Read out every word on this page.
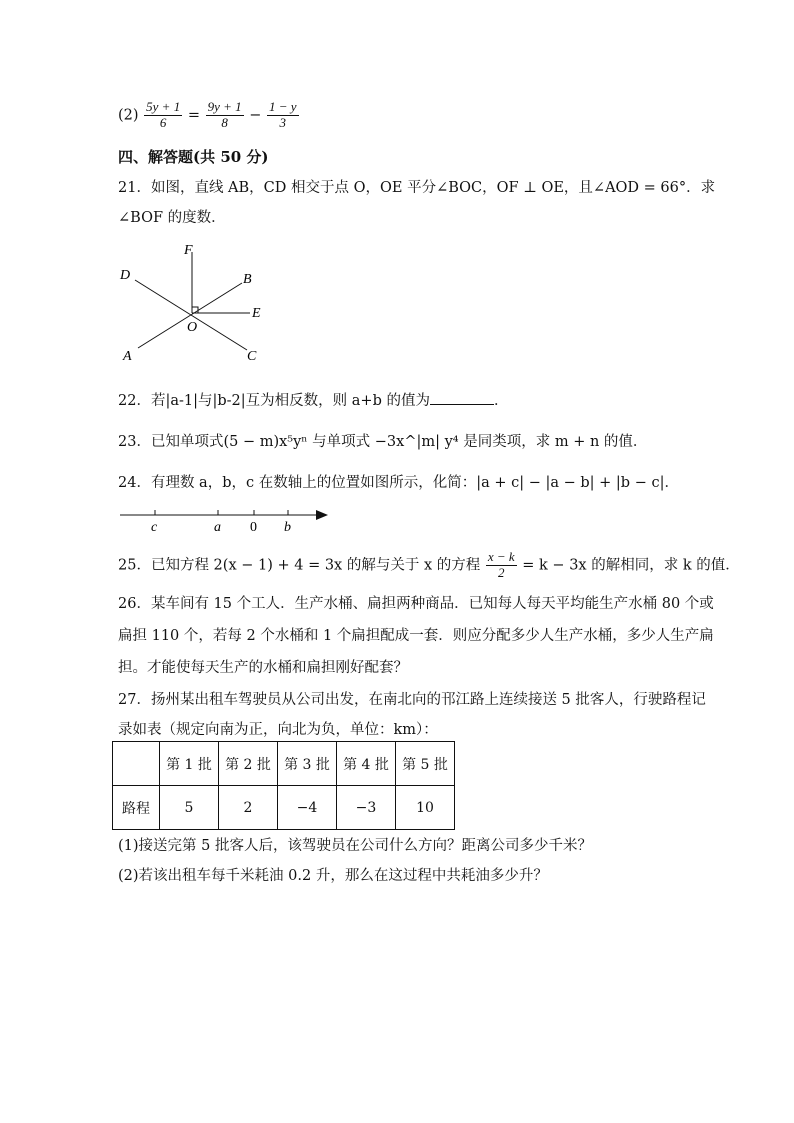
$(2) \frac{5y + 1}{6} = \frac{9y + 1}{8} - \frac{1 - y}{3}$
四、解答题(共 50 分)
21．如图，直线 AB，CD 相交于点 O，OE 平分∠BOC，OF ⊥ OE，且∠AOD = 66°．求
∠BOF 的度数．
F
D	B
E
O
A	C
22．若|a-1|与|b-2|互为相反数，则 a+b 的值为	．
23．已知单项式(5 − m)x⁵yⁿ 与单项式 −3x^|m| y⁴ 是同类项，求 m + n 的值．
24．有理数 a，b，c 在数轴上的位置如图所示，化简：|a + c| − |a − b| + |b − c|．
c	a 0 b
25．已知方程 2(x − 1) + 4 = 3x 的解与关于 x 的方程 $\frac{x - k}{2} = k - 3x$ 的解相同，求 k 的值．
26．某车间有 15 个工人．生产水桶、扁担两种商品．已知每人每天平均能生产水桶 80 个或
扁担 110 个，若每 2 个水桶和 1 个扁担配成一套．则应分配多少人生产水桶，多少人生产扁
担。才能使每天生产的水桶和扁担刚好配套？
27．扬州某出租车驾驶员从公司出发，在南北向的邗江路上连续接送 5 批客人，行驶路程记
录如表（规定向南为正，向北为负，单位：km）：
	第 1 批	第 2 批	第 3 批	第 4 批	第 5 批
路程	5	2	−4	−3	10
(1)接送完第 5 批客人后，该驾驶员在公司什么方向？距离公司多少千米？
(2)若该出租车每千米耗油 0.2 升，那么在这过程中共耗油多少升？
